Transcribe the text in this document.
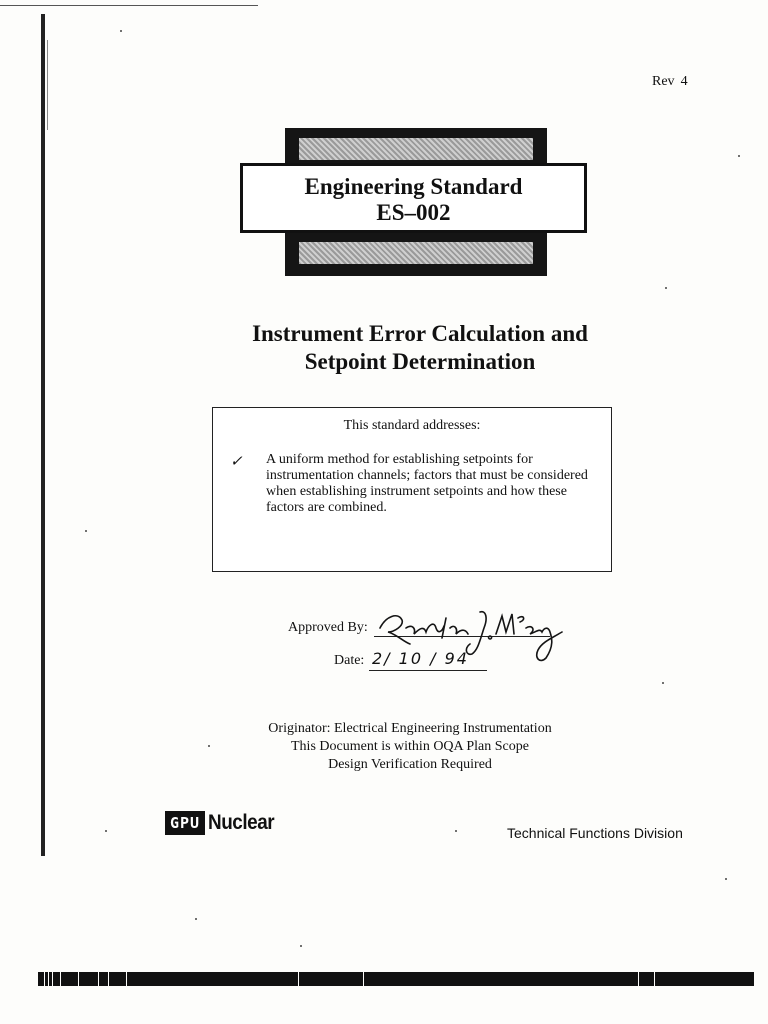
Rev 4
Engineering Standard
ES–002
Instrument Error Calculation and
Setpoint Determination
This standard addresses:
✓ A uniform method for establishing setpoints for instrumentation channels; factors that must be considered when establishing instrument setpoints and how these factors are combined.
Approved By:
Date: 2/ 10 / 94
Originator: Electrical Engineering Instrumentation
This Document is within OQA Plan Scope
Design Verification Required
GPU Nuclear	Technical Functions Division
